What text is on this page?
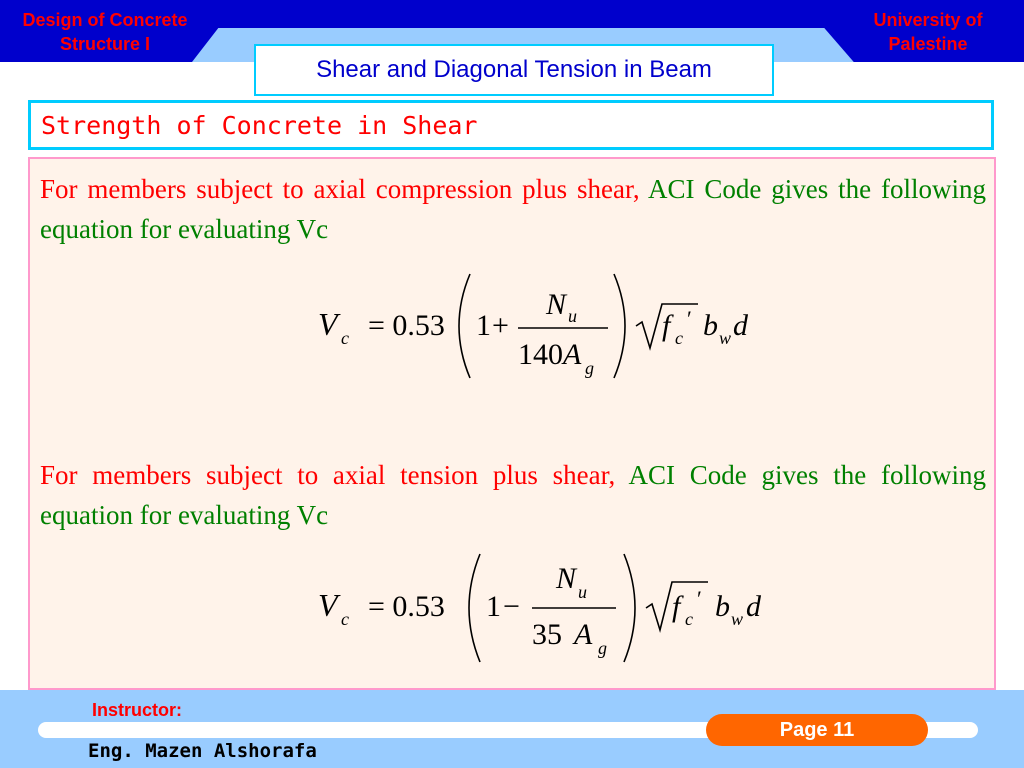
Design of Concrete
Structure I
University of
Palestine
Shear and Diagonal Tension in Beam
Strength of Concrete in Shear
For members subject to axial compression plus shear, ACI Code gives the following equation for evaluating Vc
For members subject to axial tension plus shear, ACI Code gives the following equation for evaluating Vc
V c = 0.53 1 +
N u
140 A g
f c
′ b w d
V c = 0.53 1 −
N u
35 A g
f c
′ b w d
Instructor:
Eng. Mazen Alshorafa
Page 11
